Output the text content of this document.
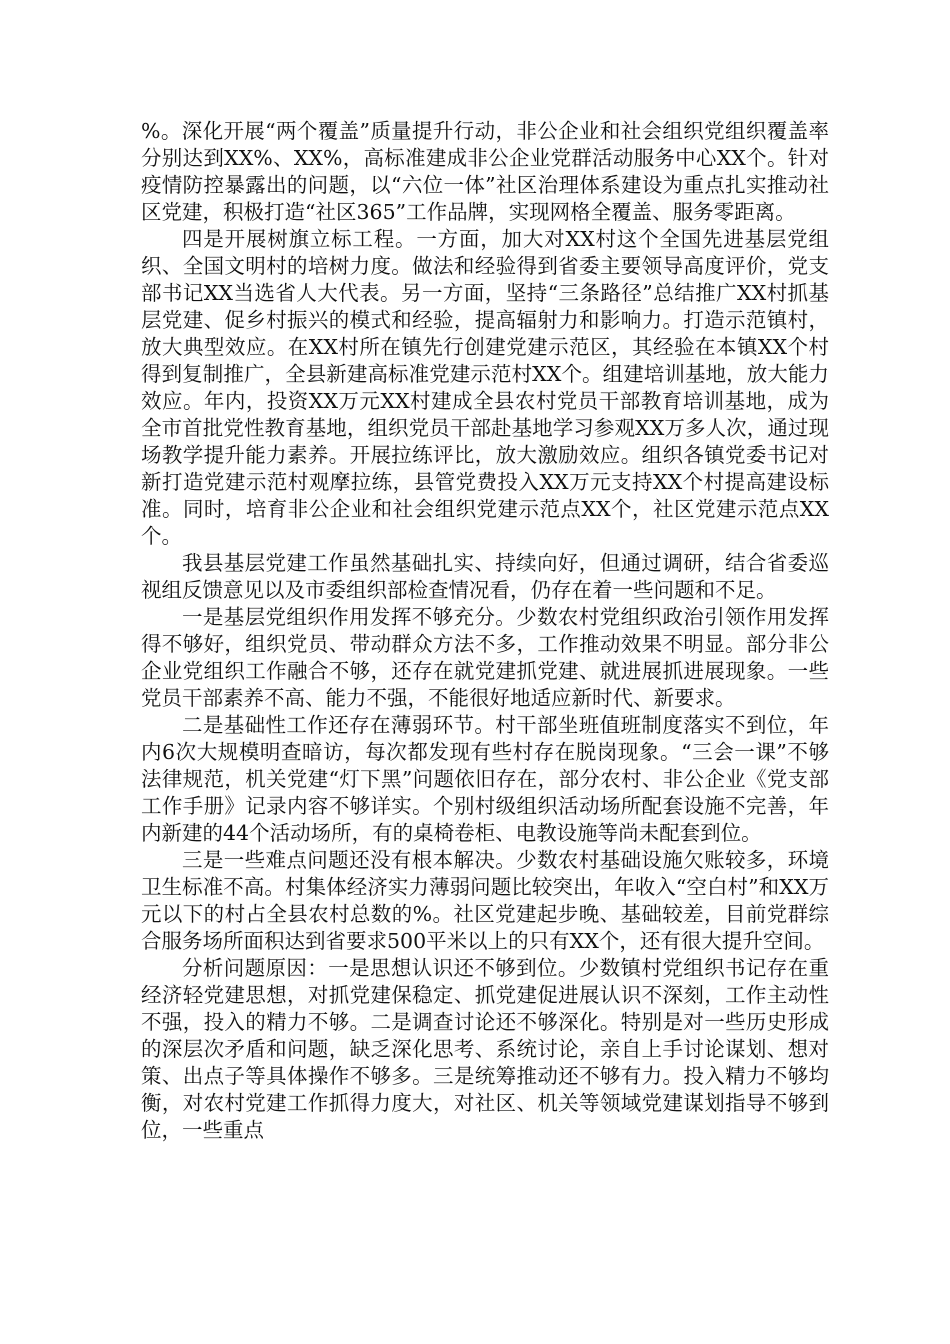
%。深化开展“两个覆盖”质量提升行动，非公企业和社会组织党组织覆盖率分别达到XX%、XX%，高标准建成非公企业党群活动服务中心XX个。针对疫情防控暴露出的问题，以“六位一体”社区治理体系建设为重点扎实推动社区党建，积极打造“社区365”工作品牌，实现网格全覆盖、服务零距离。

四是开展树旗立标工程。一方面，加大对XX村这个全国先进基层党组织、全国文明村的培树力度。做法和经验得到省委主要领导高度评价，党支部书记XX当选省人大代表。另一方面，坚持“三条路径”总结推广XX村抓基层党建、促乡村振兴的模式和经验，提高辐射力和影响力。打造示范镇村，放大典型效应。在XX村所在镇先行创建党建示范区，其经验在本镇XX个村得到复制推广，全县新建高标准党建示范村XX个。组建培训基地，放大能力效应。年内，投资XX万元XX村建成全县农村党员干部教育培训基地，成为全市首批党性教育基地，组织党员干部赴基地学习参观XX万多人次，通过现场教学提升能力素养。开展拉练评比，放大激励效应。组织各镇党委书记对新打造党建示范村观摩拉练，县管党费投入XX万元支持XX个村提高建设标准。同时，培育非公企业和社会组织党建示范点XX个，社区党建示范点XX个。

我县基层党建工作虽然基础扎实、持续向好，但通过调研，结合省委巡视组反馈意见以及市委组织部检查情况看，仍存在着一些问题和不足。

一是基层党组织作用发挥不够充分。少数农村党组织政治引领作用发挥得不够好，组织党员、带动群众方法不多，工作推动效果不明显。部分非公企业党组织工作融合不够，还存在就党建抓党建、就进展抓进展现象。一些党员干部素养不高、能力不强，不能很好地适应新时代、新要求。

二是基础性工作还存在薄弱环节。村干部坐班值班制度落实不到位，年内6次大规模明查暗访，每次都发现有些村存在脱岗现象。“三会一课”不够法律规范，机关党建“灯下黑”问题依旧存在，部分农村、非公企业《党支部工作手册》记录内容不够详实。个别村级组织活动场所配套设施不完善，年内新建的44个活动场所，有的桌椅卷柜、电教设施等尚未配套到位。

三是一些难点问题还没有根本解决。少数农村基础设施欠账较多，环境卫生标准不高。村集体经济实力薄弱问题比较突出，年收入“空白村”和XX万元以下的村占全县农村总数的%。社区党建起步晚、基础较差，目前党群综合服务场所面积达到省要求500平米以上的只有XX个，还有很大提升空间。

分析问题原因：一是思想认识还不够到位。少数镇村党组织书记存在重经济轻党建思想，对抓党建保稳定、抓党建促进展认识不深刻，工作主动性不强，投入的精力不够。二是调查讨论还不够深化。特别是对一些历史形成的深层次矛盾和问题，缺乏深化思考、系统讨论，亲自上手讨论谋划、想对策、出点子等具体操作不够多。三是统筹推动还不够有力。投入精力不够均衡，对农村党建工作抓得力度大，对社区、机关等领域党建谋划指导不够到位，一些重点
